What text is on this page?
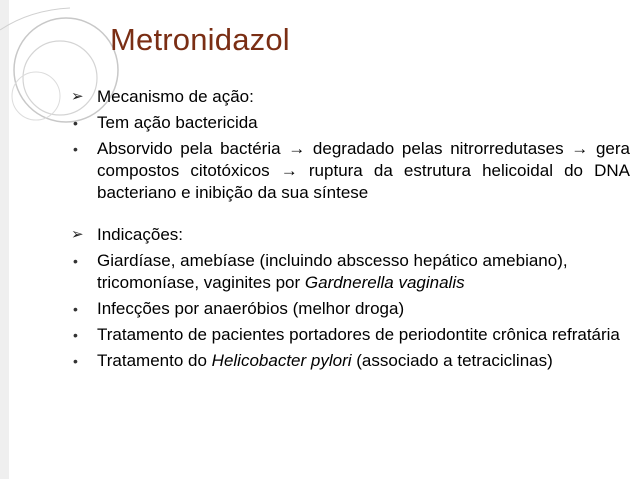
Metronidazol
➢ Mecanismo de ação:
• Tem ação bactericida
• Absorvido pela bactéria → degradado pelas nitrorredutases → gera compostos citotóxicos → ruptura da estrutura helicoidal do DNA bacteriano e inibição da sua síntese
➢ Indicações:
• Giardíase, amebíase (incluindo abscesso hepático amebiano), tricomoníase, vaginites por Gardnerella vaginalis
• Infecções por anaeróbios (melhor droga)
• Tratamento de pacientes portadores de periodontite crônica refratária
• Tratamento do Helicobacter pylori (associado a tetraciclinas)
